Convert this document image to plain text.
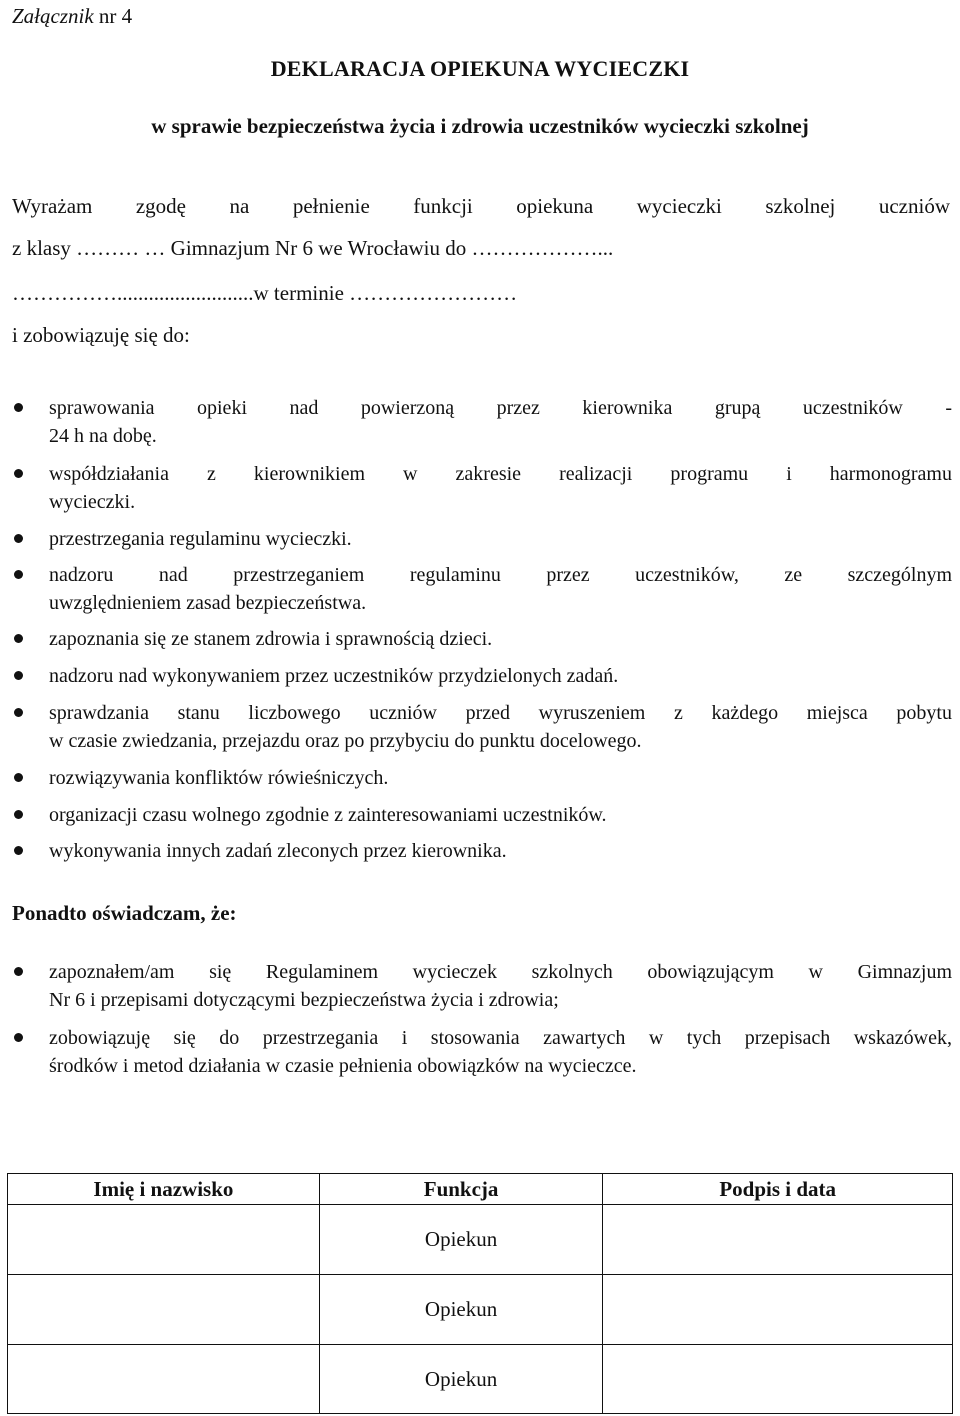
Załącznik nr 4
DEKLARACJA OPIEKUNA WYCIECZKI
w sprawie bezpieczeństwa życia i zdrowia uczestników wycieczki szkolnej
Wyrażam zgodę na pełnienie funkcji opiekuna wycieczki szkolnej uczniów
z klasy ……… … Gimnazjum Nr 6 we Wrocławiu do ………………...
……………..........................w terminie ……………………
i zobowiązuję się do:
sprawowania opieki nad powierzoną przez kierownika grupą uczestników -
24 h na dobę.
współdziałania z kierownikiem w zakresie realizacji programu i harmonogramu
wycieczki.
przestrzegania regulaminu wycieczki.
nadzoru nad przestrzeganiem regulaminu przez uczestników, ze szczególnym
uwzględnieniem zasad bezpieczeństwa.
zapoznania się ze stanem zdrowia i sprawnością dzieci.
nadzoru nad wykonywaniem przez uczestników przydzielonych zadań.
sprawdzania stanu liczbowego uczniów przed wyruszeniem z każdego miejsca pobytu
w czasie zwiedzania, przejazdu oraz po przybyciu do punktu docelowego.
rozwiązywania konfliktów rówieśniczych.
organizacji czasu wolnego zgodnie z zainteresowaniami uczestników.
wykonywania innych zadań zleconych przez kierownika.
Ponadto oświadczam, że:
zapoznałem/am się Regulaminem wycieczek szkolnych obowiązującym w Gimnazjum
Nr 6 i przepisami dotyczącymi bezpieczeństwa życia i zdrowia;
zobowiązuję się do przestrzegania i stosowania zawartych w tych przepisach wskazówek,
środków i metod działania w czasie pełnienia obowiązków na wycieczce.
Imię i nazwisko	Funkcja	Podpis i data
	Opiekun	
	Opiekun	
	Opiekun	
